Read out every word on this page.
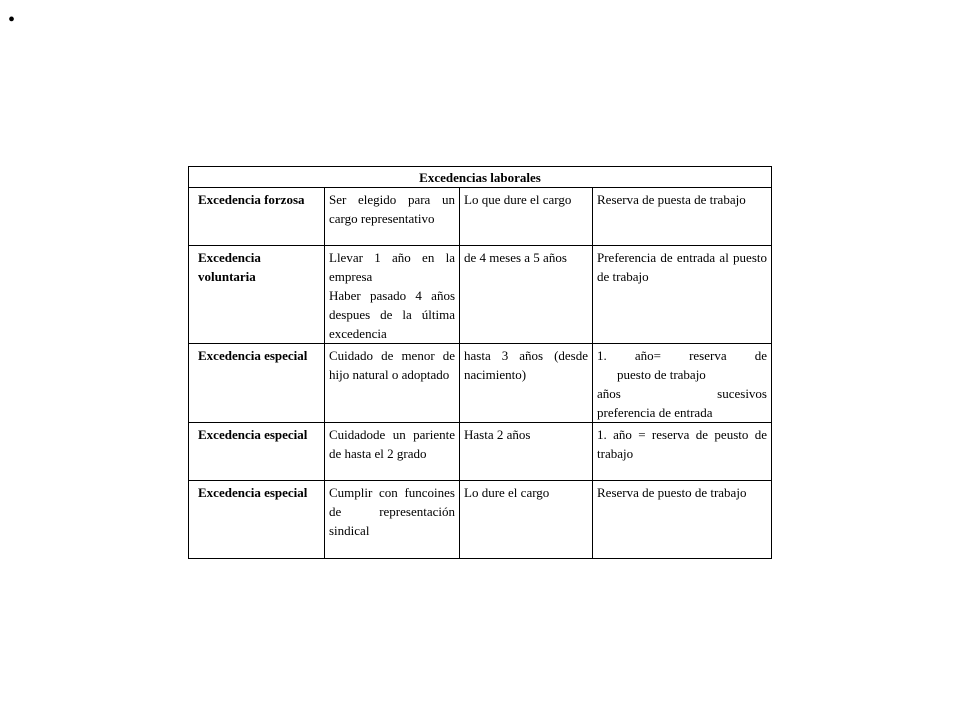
•
Excedencias laborales			
Excedencia forzosa	Ser elegido para un cargo representativo	Lo que dure el cargo	Reserva de puesta de trabajo

Excedencia voluntaria	Llevar 1 año en la empresa
Haber pasado 4 años despues de la última excedencia	de 4 meses a 5 años	Preferencia de entrada al puesto de trabajo

Excedencia especial	Cuidado de menor de hijo natural o adoptado	hasta 3 años (desde nacimiento)	1. año= reserva de
puesto de trabajo
años sucesivos
preferencia de entrada

Excedencia especial	Cuidadode un pariente de hasta el 2 grado	Hasta 2 años	1. año = reserva de peusto de trabajo

Excedencia especial	Cumplir con funcoines de representación sindical	Lo dure el cargo	Reserva de puesto de trabajo
